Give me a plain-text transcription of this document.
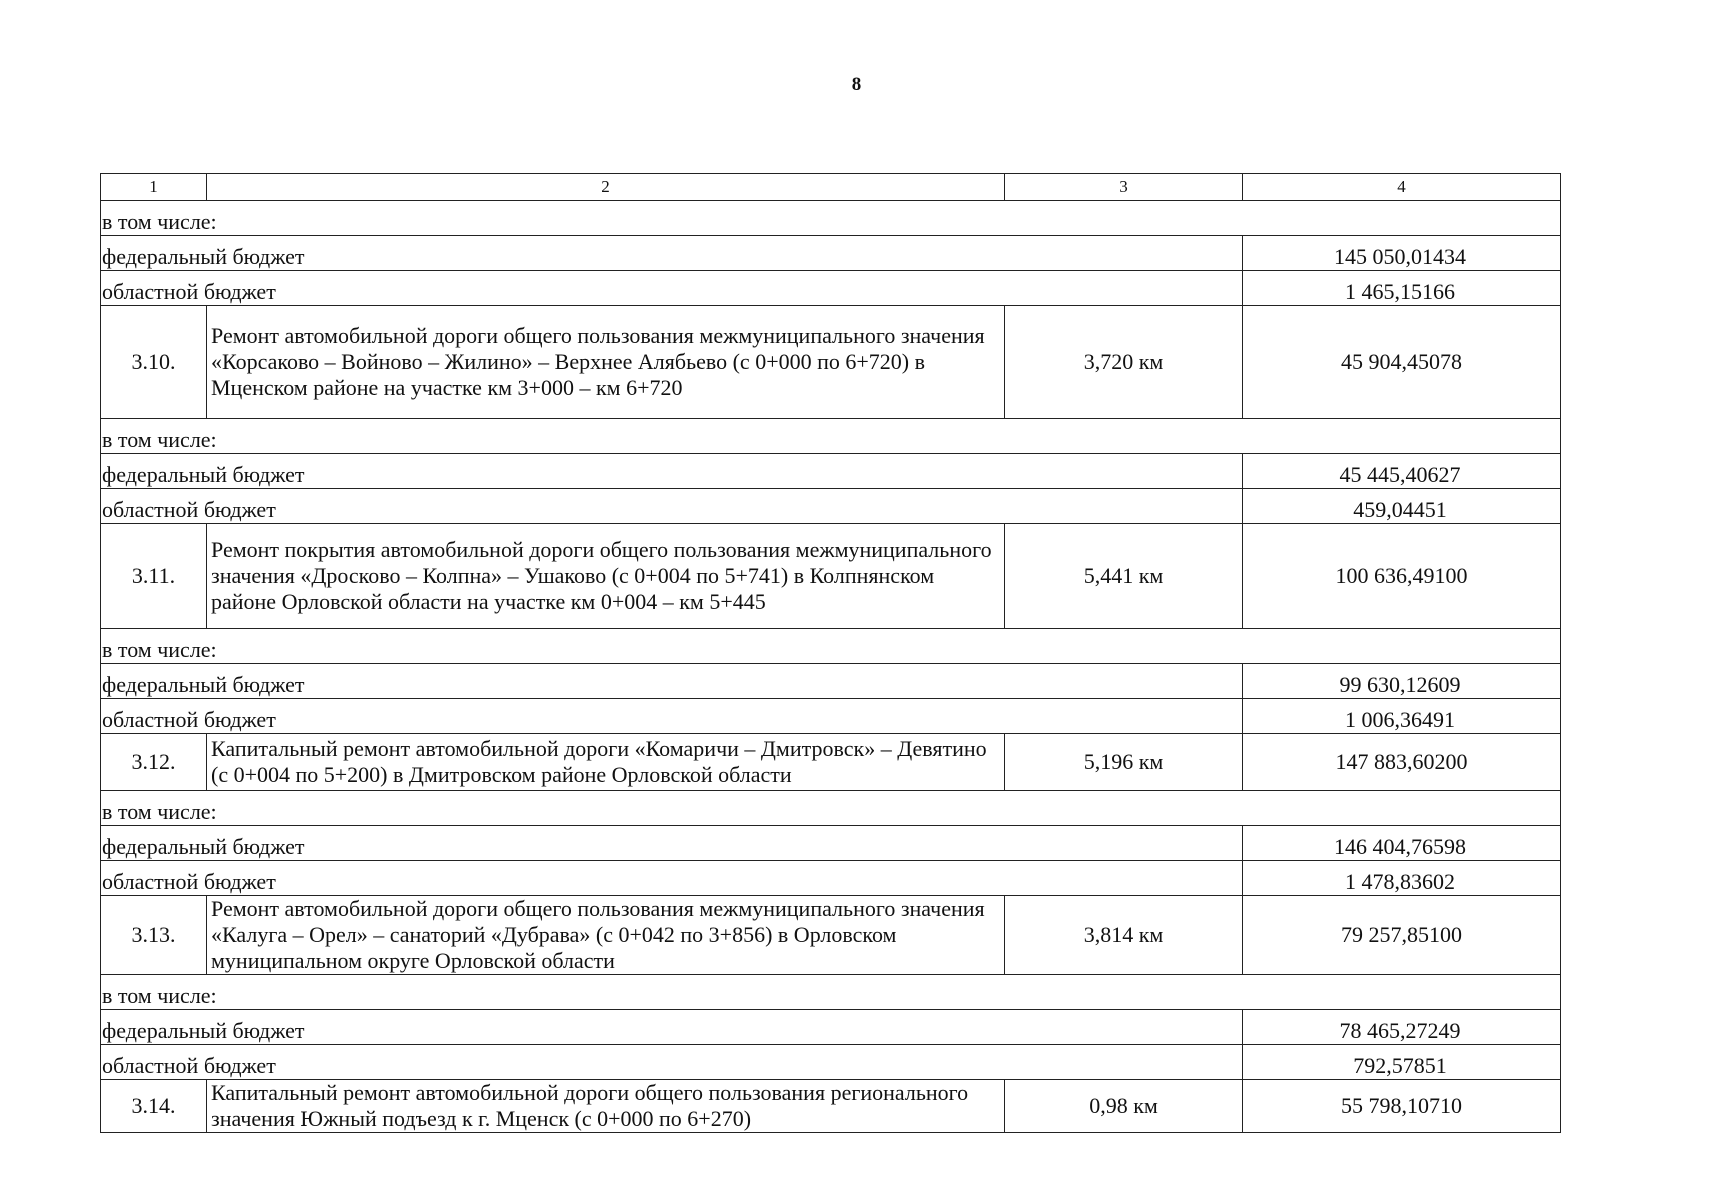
8
1	2	3	4
в том числе:			
федеральный бюджет			145 050,01434
областной бюджет			1 465,15166
3.10.	Ремонт автомобильной дороги общего пользования межмуниципального значения «Корсаково – Войново – Жилино» – Верхнее Алябьево (с 0+000 по 6+720) в Мценском районе на участке км 3+000 – км 6+720	3,720 км	45 904,45078
в том числе:			
федеральный бюджет			45 445,40627
областной бюджет			459,04451
3.11.	Ремонт покрытия автомобильной дороги общего пользования межмуниципального значения «Дросково – Колпна» – Ушаково (с 0+004 по 5+741) в Колпнянском районе Орловской области на участке км 0+004 – км 5+445	5,441 км	100 636,49100
в том числе:			
федеральный бюджет			99 630,12609
областной бюджет			1 006,36491
3.12.	Капитальный ремонт автомобильной дороги «Комаричи – Дмитровск» – Девятино (с 0+004 по 5+200) в Дмитровском районе Орловской области	5,196 км	147 883,60200
в том числе:			
федеральный бюджет			146 404,76598
областной бюджет			1 478,83602
3.13.	Ремонт автомобильной дороги общего пользования межмуниципального значения «Калуга – Орел» – санаторий «Дубрава» (с 0+042 по 3+856) в Орловском муниципальном округе Орловской области	3,814 км	79 257,85100
в том числе:			
федеральный бюджет			78 465,27249
областной бюджет			792,57851
3.14.	Капитальный ремонт автомобильной дороги общего пользования регионального значения Южный подъезд к г. Мценск (с 0+000 по 6+270)	0,98 км	55 798,10710
